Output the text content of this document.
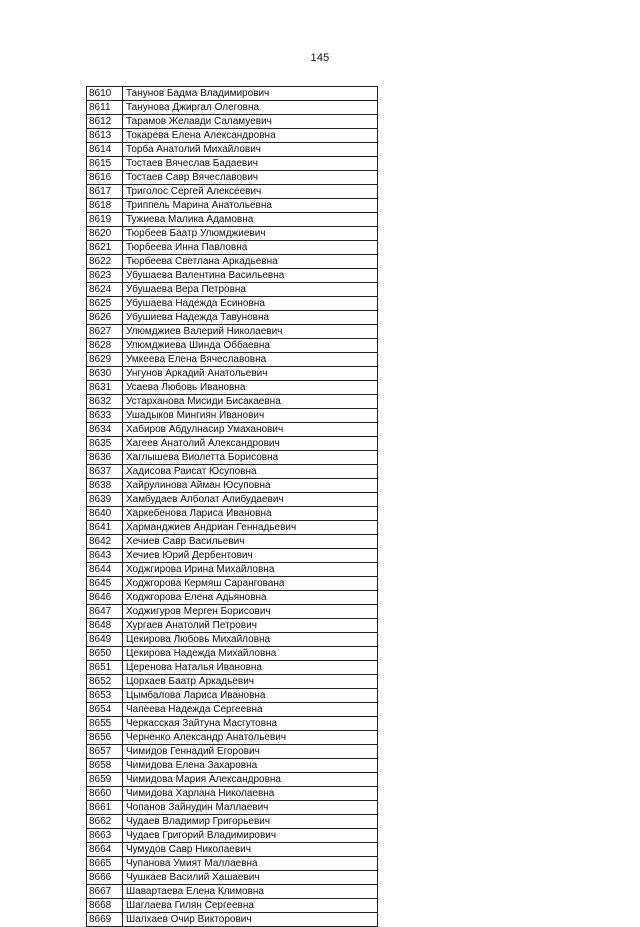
145
8610	Танунов Бадма Владимирович
8611	Танунова Джиргал Олеговна
8612	Тарамов Желавди Саламуевич
8613	Токарева Елена Александровна
8614	Торба Анатолий Михайлович
8615	Тостаев Вячеслав Бадаевич
8616	Тостаев Савр Вячеславович
8617	Триголос Сергей Алексеевич
8618	Триппель Марина Анатольевна
8619	Тужиева Малика Адамовна
8620	Тюрбеев Баатр Улюмджиевич
8621	Тюрбеева Инна Павловна
8622	Тюрбеева Светлана Аркадьевна
8623	Убушаева Валентина Васильевна
8624	Убушаева Вера Петровна
8625	Убушаева Надежда Есиновна
8626	Убушиева Надежда Тавуновна
8627	Улюмджиев Валерий Николаевич
8628	Улюмджиева Шинда Оббаевна
8629	Умкеева Елена Вячеславовна
8630	Унгунов Аркадий Анатольевич
8631	Усаева Любовь Ивановна
8632	Устарханова Мисиди Бисакаевна
8633	Ушадыков Мингиян Иванович
8634	Хабиров Абдулнасир Умаханович
8635	Хагеев Анатолий Александрович
8636	Хаглышева Виолетта Борисовна
8637	Хадисова Раисат Юсуповна
8638	Хайрулинова Айман Юсуповна
8639	Хамбудаев Алболат Алибудаевич
8640	Харкебенова Лариса Ивановна
8641	Харманджиев Андриан Геннадьевич
8642	Хечиев Савр Васильевич
8643	Хечиев Юрий Дербентович
8644	Ходжгирова Ирина Михайловна
8645	Ходжгорова Кермяш Сарангована
8646	Ходжгорова Елена Адьяновна
8647	Ходжигуров Мерген Борисович
8648	Хургаев Анатолий Петрович
8649	Цекирова Любовь Михайловна
8650	Цекирова Надежда Михайловна
8651	Церенова Наталья Ивановна
8652	Цорхаев Баатр Аркадьевич
8653	Цымбалова Лариса Ивановна
8654	Чапеева Надежда Сергеевна
8655	Черкасская Зайтуна Масгутовна
8656	Черненко Александр Анатольевич
8657	Чимидов Геннадий Егорович
8658	Чимидова Елена Захаровна
8659	Чимидова Мария Александровна
8660	Чимидова Харлана Николаевна
8661	Чопанов Зайнудин Маллаевич
8662	Чудаев Владимир Григорьевич
8663	Чудаев Григорий Владимирович
8664	Чумудов Савр Николаевич
8665	Чупанова Умият Маллаевна
8666	Чушкаев Василий Хашаевич
8667	Шавартаева Елена Климовна
8668	Шаглаева Гилян Сергеевна
8669	Шалхаев Очир Викторович
